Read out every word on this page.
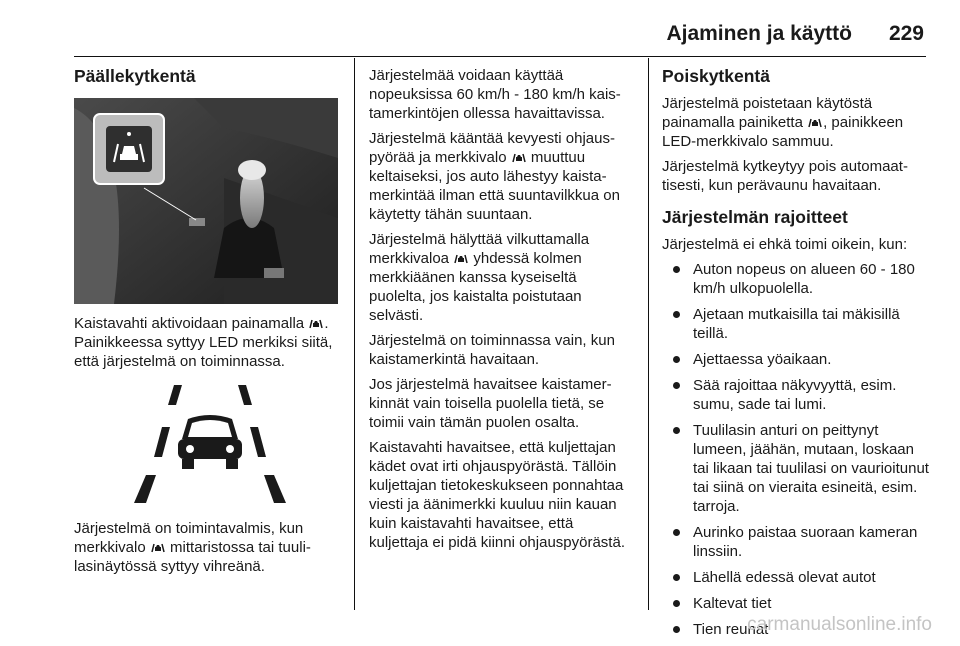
Ajaminen ja käyttö 229
Päällekytkentä

Kaistavahti aktivoidaan painamalla . Painikkeessa syttyy LED merkiksi siitä, että järjestelmä on toiminnassa.

Järjestelmä on toimintavalmis, kun merkkivalo  mittaristossa tai tuulilasinäytössä syttyy vihreänä.

Järjestelmää voidaan käyttää nopeuksissa 60 km/h - 180 km/h kaistamerkintöjen ollessa havaittavissa.

Järjestelmä kääntää kevyesti ohjauspyörää ja merkkivalo  muuttuu keltaiseksi, jos auto lähestyy kaistamerkintää ilman että suuntavilkkua on käytetty tähän suuntaan.

Järjestelmä hälyttää vilkuttamalla merkkivaloa  yhdessä kolmen merkkiäänen kanssa kyseiseltä puolelta, jos kaistalta poistutaan selvästi.

Järjestelmä on toiminnassa vain, kun kaistamerkintä havaitaan.

Jos järjestelmä havaitsee kaistamerkinnät vain toisella puolella tietä, se toimii vain tämän puolen osalta.

Kaistavahti havaitsee, että kuljettajan kädet ovat irti ohjauspyörästä. Tällöin kuljettajan tietokeskukseen ponnahtaa viesti ja äänimerkki kuuluu niin kauan kuin kaistavahti havaitsee, että kuljettaja ei pidä kiinni ohjauspyörästä.

Poiskytkentä

Järjestelmä poistetaan käytöstä painamalla painiketta , painikkeen LED-merkkivalo sammuu.

Järjestelmä kytkeytyy pois automaattisesti, kun perävaunu havaitaan.

Järjestelmän rajoitteet

Järjestelmä ei ehkä toimi oikein, kun:

Auton nopeus on alueen 60 - 180 km/h ulkopuolella.
Ajetaan mutkaisilla tai mäkisillä teillä.
Ajettaessa yöaikaan.
Sää rajoittaa näkyvyyttä, esim. sumu, sade tai lumi.
Tuulilasin anturi on peittynyt lumeen, jäähän, mutaan, loskaan tai likaan tai tuulilasi on vaurioitunut tai siinä on vieraita esineitä, esim. tarroja.
Aurinko paistaa suoraan kameran linssiin.
Lähellä edessä olevat autot
Kaltevat tiet
Tien reunat
carmanualsonline.info
